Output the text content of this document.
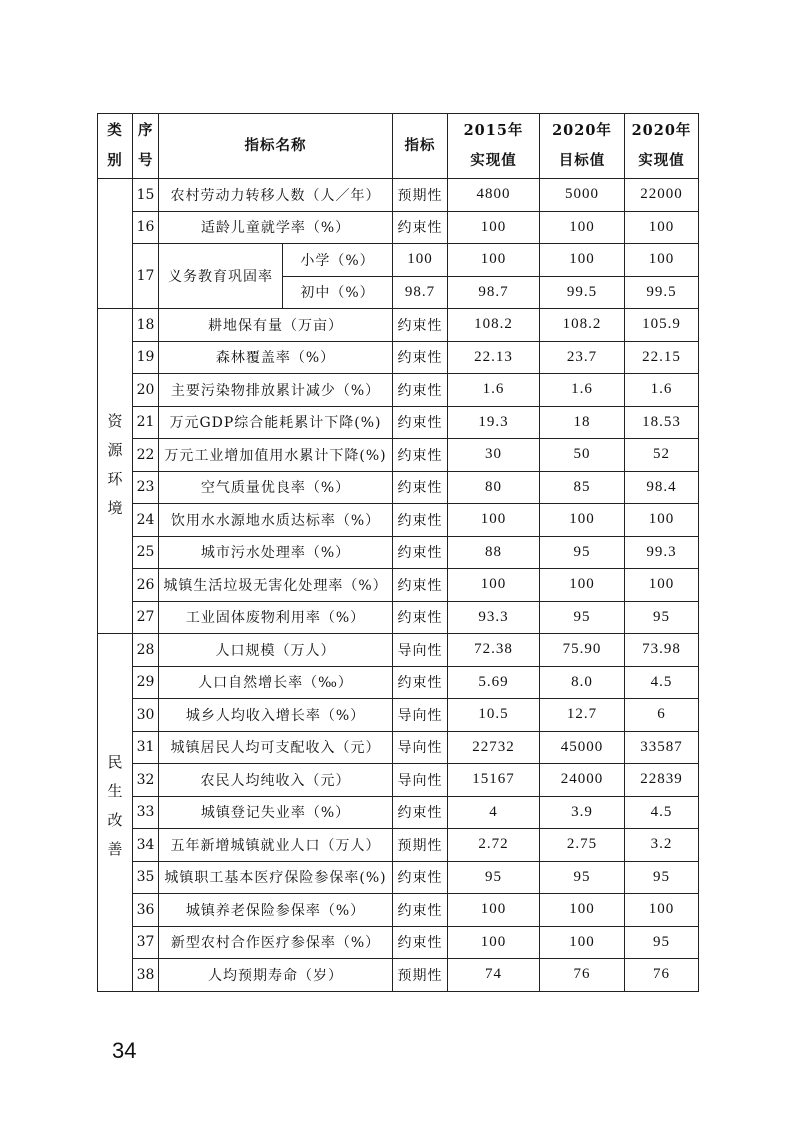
类别	序号	指标名称		指标	2015年实现值	2020年目标值	2020年实现值
	15	农村劳动力转移人数（人／年）		预期性	4800	5000	22000
	16	适龄儿童就学率（%）		约束性	100	100	100
	17	义务教育巩固率	小学（%）	100	100	100	100
			初中（%）	98.7	98.7	99.5	99.5
资源环境	18	耕地保有量（万亩）		约束性	108.2	108.2	105.9
	19	森林覆盖率（%）		约束性	22.13	23.7	22.15
	20	主要污染物排放累计减少（%）		约束性	1.6	1.6	1.6
	21	万元GDP综合能耗累计下降(%)		约束性	19.3	18	18.53
	22	万元工业增加值用水累计下降(%)		约束性	30	50	52
	23	空气质量优良率（%）		约束性	80	85	98.4
	24	饮用水水源地水质达标率（%）		约束性	100	100	100
	25	城市污水处理率（%）		约束性	88	95	99.3
	26	城镇生活垃圾无害化处理率（%）		约束性	100	100	100
	27	工业固体废物利用率（%）		约束性	93.3	95	95
民生改善	28	人口规模（万人）		导向性	72.38	75.90	73.98
	29	人口自然增长率（‰）		约束性	5.69	8.0	4.5
	30	城乡人均收入增长率（%）		导向性	10.5	12.7	6
	31	城镇居民人均可支配收入（元）		导向性	22732	45000	33587
	32	农民人均纯收入（元）		导向性	15167	24000	22839
	33	城镇登记失业率（%）		约束性	4	3.9	4.5
	34	五年新增城镇就业人口（万人）		预期性	2.72	2.75	3.2
	35	城镇职工基本医疗保险参保率(%)		约束性	95	95	95
	36	城镇养老保险参保率（%）		约束性	100	100	100
	37	新型农村合作医疗参保率（%）		约束性	100	100	95
	38	人均预期寿命（岁）		预期性	74	76	76
34
